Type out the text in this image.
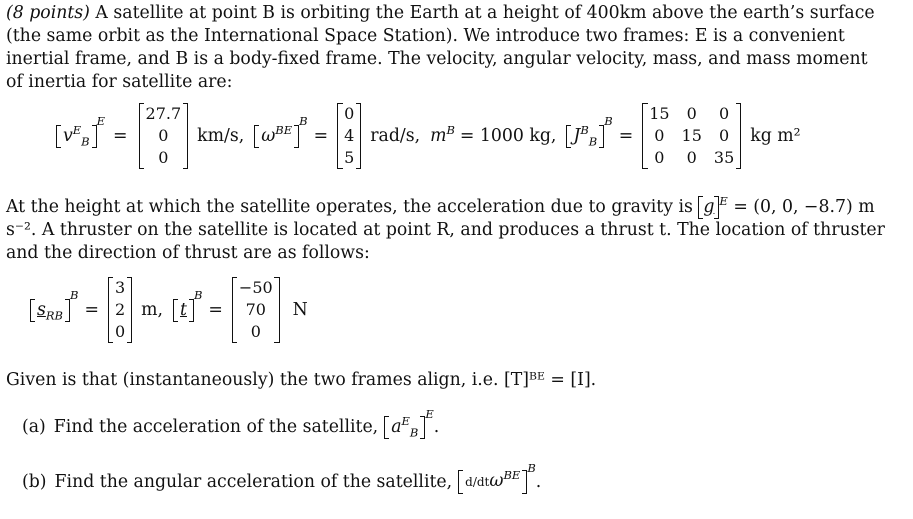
(8 points) A satellite at point B is orbiting the Earth at a height of 400km above the earth’s surface (the same orbit as the International Space Station). We introduce two frames: E is a convenient inertial frame, and B is a body-fixed frame. The velocity, angular velocity, mass, and mass moment of inertia for satellite are:
$v^E_B$
E
=
27.7
0
0

km/s, $\omega^{BE}$
B
=
0
4
5

rad/s, $m^B = 1000$ kg, $J^B_B$
B
=
15	0	0
0	15	0
0	0	35

kg m²
At the height at which the satellite operates, the acceleration due to gravity is g $^E$ = (0, 0, −8.7) m s⁻². A thruster on the satellite is located at point R, and produces a thrust t. The location of thruster and the direction of thrust are as follows:
$s_{RB}$
B
=
3
2
0

m, t
B
=
−50
70
0

N
Given is that (instantaneously) the two frames align, i.e. [T]ᴮᴱ = [I].
(a) Find the acceleration of the satellite, $a^E_B$
E
.
(b) Find the angular acceleration of the satellite,	d/dtω$^{BE}$
B
.
